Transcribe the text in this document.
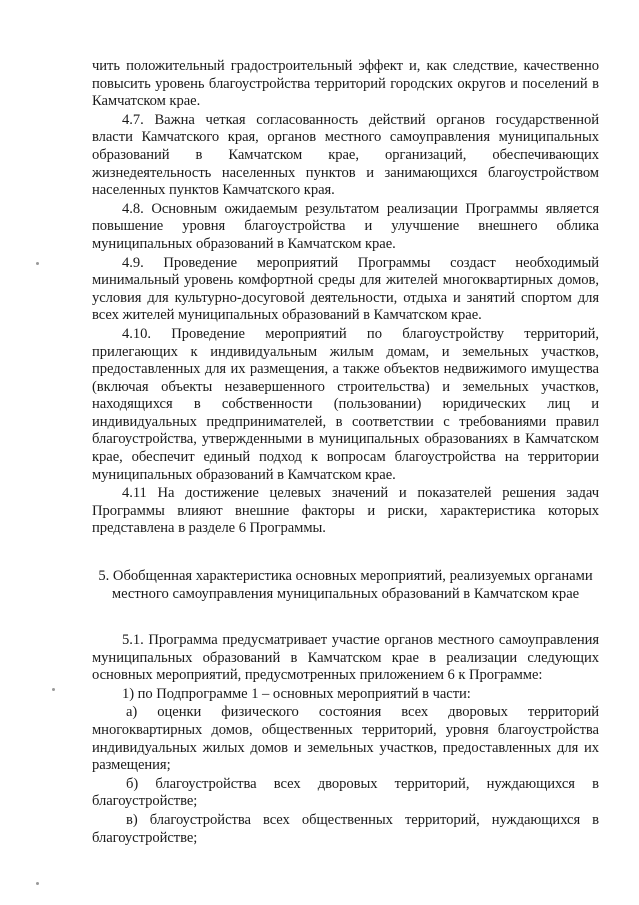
чить положительный градостроительный эффект и, как следствие, качественно повысить уровень благоустройства территорий городских округов и поселений в Камчатском крае.

4.7. Важна четкая согласованность действий органов государственной власти Камчатского края, органов местного самоуправления муниципальных образований в Камчатском крае, организаций, обеспечивающих жизнедеятельность населенных пунктов и занимающихся благоустройством населенных пунктов Камчатского края.

4.8. Основным ожидаемым результатом реализации Программы является повышение уровня благоустройства и улучшение внешнего облика муниципальных образований в Камчатском крае.

4.9. Проведение мероприятий Программы создаст необходимый минимальный уровень комфортной среды для жителей многоквартирных домов, условия для культурно-досуговой деятельности, отдыха и занятий спортом для всех жителей муниципальных образований в Камчатском крае.

4.10. Проведение мероприятий по благоустройству территорий, прилегающих к индивидуальным жилым домам, и земельных участков, предоставленных для их размещения, а также объектов недвижимого имущества (включая объекты незавершенного строительства) и земельных участков, находящихся в собственности (пользовании) юридических лиц и индивидуальных предпринимателей, в соответствии с требованиями правил благоустройства, утвержденными в муниципальных образованиях в Камчатском крае, обеспечит единый подход к вопросам благоустройства на территории муниципальных образований в Камчатском крае.

4.11 На достижение целевых значений и показателей решения задач Программы влияют внешние факторы и риски, характеристика которых представлена в разделе 6 Программы.

5. Обобщенная характеристика основных мероприятий, реализуемых органами местного самоуправления муниципальных образований в Камчатском крае

5.1. Программа предусматривает участие органов местного самоуправления муниципальных образований в Камчатском крае в реализации следующих основных мероприятий, предусмотренных приложением 6 к Программе:

1) по Подпрограмме 1 – основных мероприятий в части:

а) оценки физического состояния всех дворовых территорий многоквартирных домов, общественных территорий, уровня благоустройства индивидуальных жилых домов и земельных участков, предоставленных для их размещения;

б) благоустройства всех дворовых территорий, нуждающихся в благоустройстве;

в) благоустройства всех общественных территорий, нуждающихся в благоустройстве;
